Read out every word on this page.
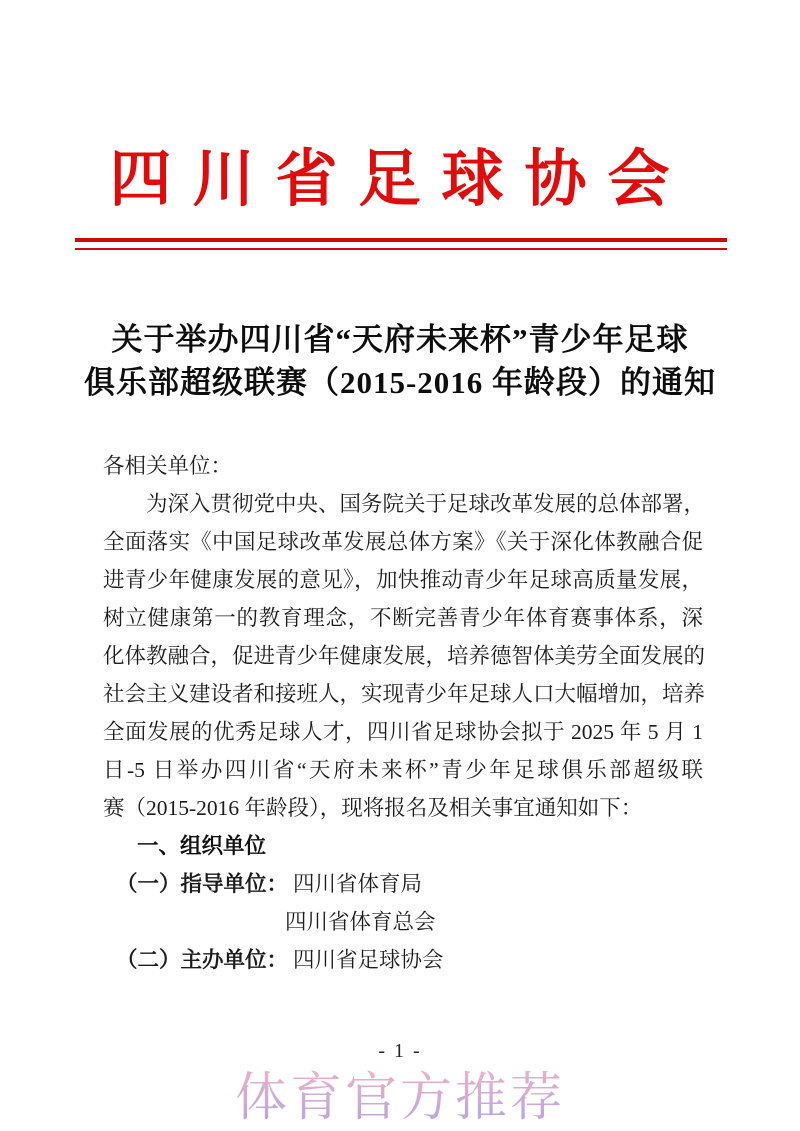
四川省足球协会
关于举办四川省“天府未来杯”青少年足球
俱乐部超级联赛（2015-2016 年龄段）的通知
各相关单位：
为深入贯彻党中央、国务院关于足球改革发展的总体部署，
全面落实《中国足球改革发展总体方案》《关于深化体教融合促
进青少年健康发展的意见》，加快推动青少年足球高质量发展，
树立健康第一的教育理念，不断完善青少年体育赛事体系，深
化体教融合，促进青少年健康发展，培养德智体美劳全面发展的
社会主义建设者和接班人，实现青少年足球人口大幅增加，培养
全面发展的优秀足球人才，四川省足球协会拟于 2025 年 5 月 1
日-5 日举办四川省“天府未来杯”青少年足球俱乐部超级联
赛（2015-2016 年龄段），现将报名及相关事宜通知如下：
一、组织单位
（一）指导单位： 四川省体育局
四川省体育总会
（二）主办单位： 四川省足球协会
体育官方推荐
- 1 -
